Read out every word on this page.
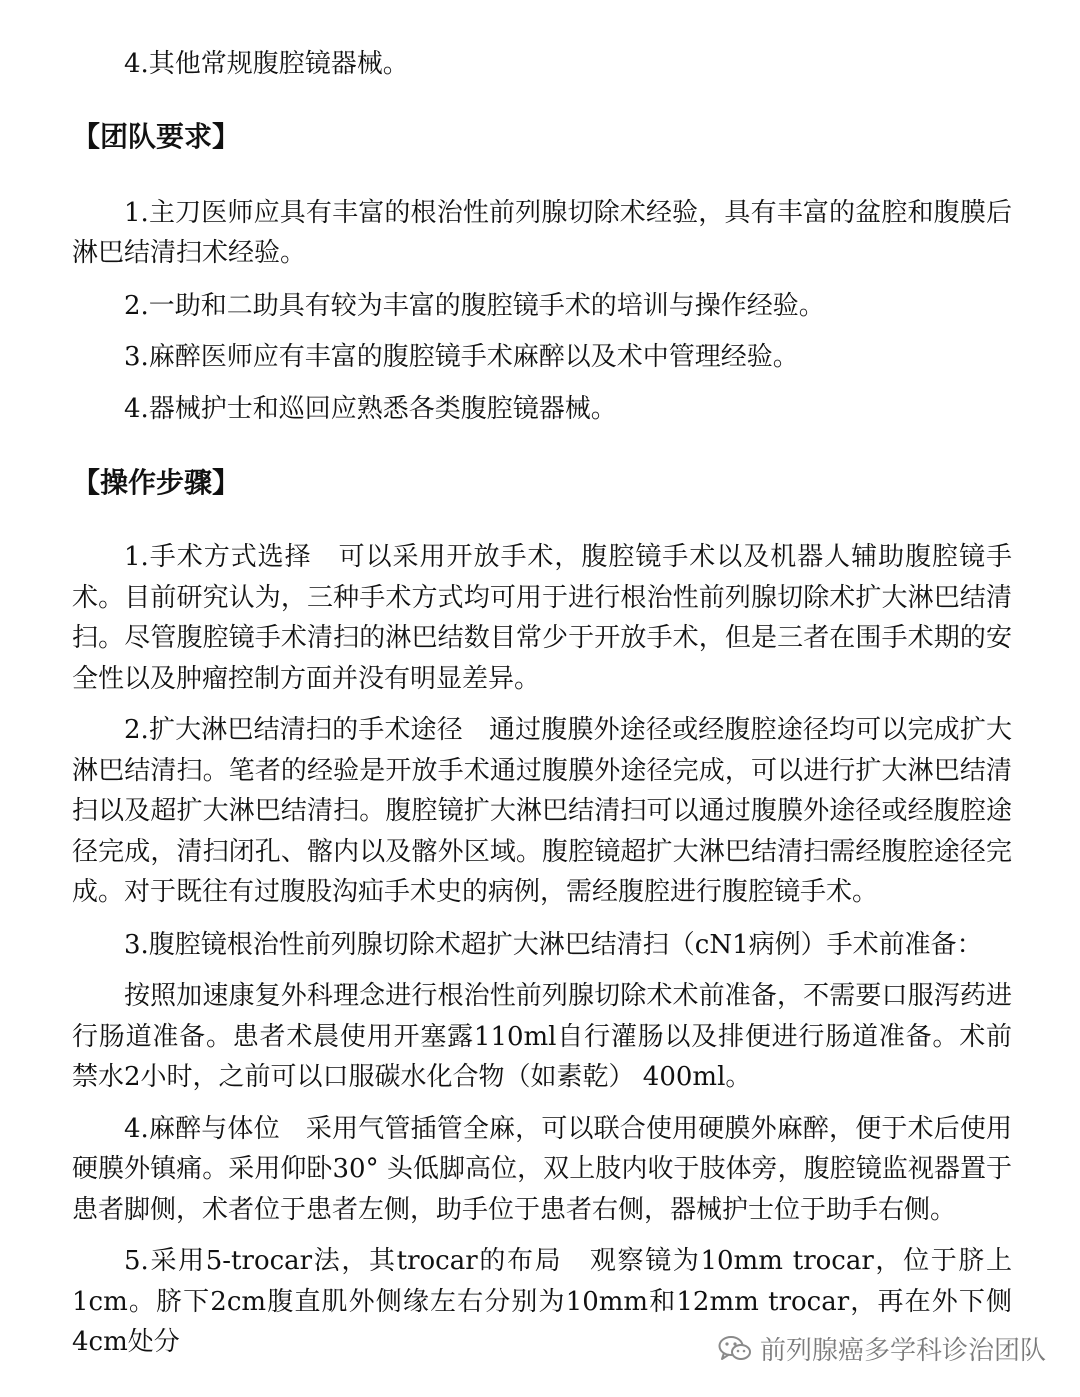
4.其他常规腹腔镜器械。

【团队要求】

1.主刀医师应具有丰富的根治性前列腺切除术经验，具有丰富的盆腔和腹膜后淋巴结清扫术经验。

2.一助和二助具有较为丰富的腹腔镜手术的培训与操作经验。

3.麻醉医师应有丰富的腹腔镜手术麻醉以及术中管理经验。

4.器械护士和巡回应熟悉各类腹腔镜器械。

【操作步骤】

1.手术方式选择　可以采用开放手术，腹腔镜手术以及机器人辅助腹腔镜手术。目前研究认为，三种手术方式均可用于进行根治性前列腺切除术扩大淋巴结清扫。尽管腹腔镜手术清扫的淋巴结数目常少于开放手术，但是三者在围手术期的安全性以及肿瘤控制方面并没有明显差异。

2.扩大淋巴结清扫的手术途径　通过腹膜外途径或经腹腔途径均可以完成扩大淋巴结清扫。笔者的经验是开放手术通过腹膜外途径完成，可以进行扩大淋巴结清扫以及超扩大淋巴结清扫。腹腔镜扩大淋巴结清扫可以通过腹膜外途径或经腹腔途径完成，清扫闭孔、髂内以及髂外区域。腹腔镜超扩大淋巴结清扫需经腹腔途径完成。对于既往有过腹股沟疝手术史的病例，需经腹腔进行腹腔镜手术。

3.腹腔镜根治性前列腺切除术超扩大淋巴结清扫（cN1病例）手术前准备：

按照加速康复外科理念进行根治性前列腺切除术术前准备，不需要口服泻药进行肠道准备。患者术晨使用开塞露110ml自行灌肠以及排便进行肠道准备。术前禁水2小时，之前可以口服碳水化合物（如素乾） 400ml。

4.麻醉与体位　采用气管插管全麻，可以联合使用硬膜外麻醉，便于术后使用硬膜外镇痛。采用仰卧30° 头低脚高位，双上肢内收于肢体旁，腹腔镜监视器置于患者脚侧，术者位于患者左侧，助手位于患者右侧，器械护士位于助手右侧。

5.采用5-trocar法，其trocar的布局　观察镜为10mm trocar，位于脐上1cm。脐下2cm腹直肌外侧缘左右分别为10mm和12mm trocar，再在外下侧4cm处分	前列腺癌多学科诊治团队
